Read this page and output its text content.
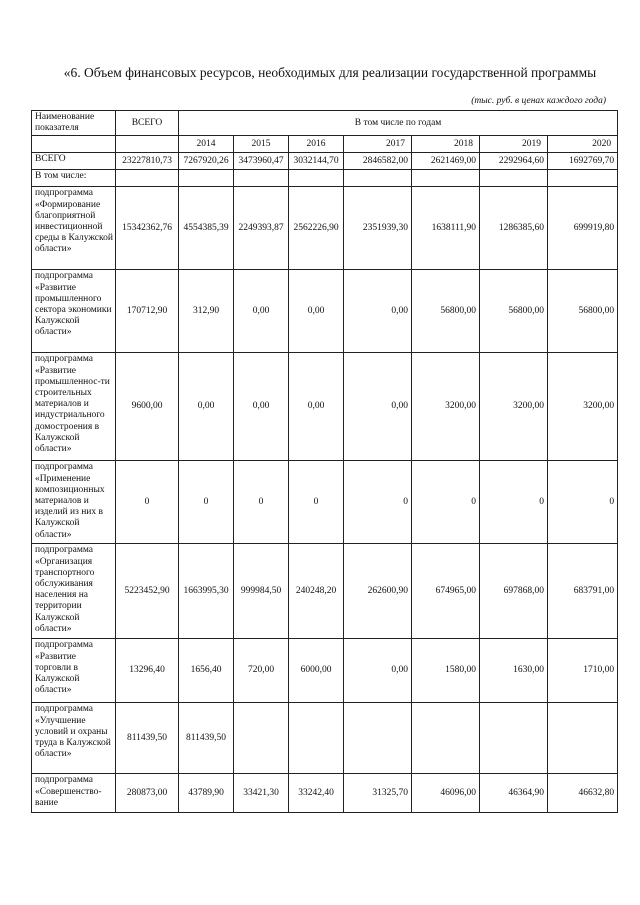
«6. Объем финансовых ресурсов, необходимых для реализации государственной программы
(тыс. руб. в ценах каждого года)
Наименование показателя	ВСЕГО	В том числе по годам						
		2014	2015	2016	2017	2018	2019	2020
ВСЕГО	23227810,73	7267920,26	3473960,47	3032144,70	2846582,00	2621469,00	2292964,60	1692769,70
В том числе:								
подпрограмма «Формирование благоприятной инвестиционной среды в Калужской области»	15342362,76	4554385,39	2249393,87	2562226,90	2351939,30	1638111,90	1286385,60	699919,80
подпрограмма «Развитие промышленного сектора экономики Калужской области»	170712,90	312,90	0,00	0,00	0,00	56800,00	56800,00	56800,00
подпрограмма «Развитие промышленнос-ти строительных материалов и индустриального домостроения в Калужской области»	9600,00	0,00	0,00	0,00	0,00	3200,00	3200,00	3200,00
подпрограмма «Применение композиционных материалов и изделий из них в Калужской области»	0	0	0	0	0	0	0	0
подпрограмма «Организация транспортного обслуживания населения на территории Калужской области»	5223452,90	1663995,30	999984,50	240248,20	262600,90	674965,00	697868,00	683791,00
подпрограмма «Развитие торговли в Калужской области»	13296,40	1656,40	720,00	6000,00	0,00	1580,00	1630,00	1710,00
подпрограмма «Улучшение условий и охраны труда в Калужской области»	811439,50	811439,50						
подпрограмма «Совершенство-вание	280873,00	43789,90	33421,30	33242,40	31325,70	46096,00	46364,90	46632,80
